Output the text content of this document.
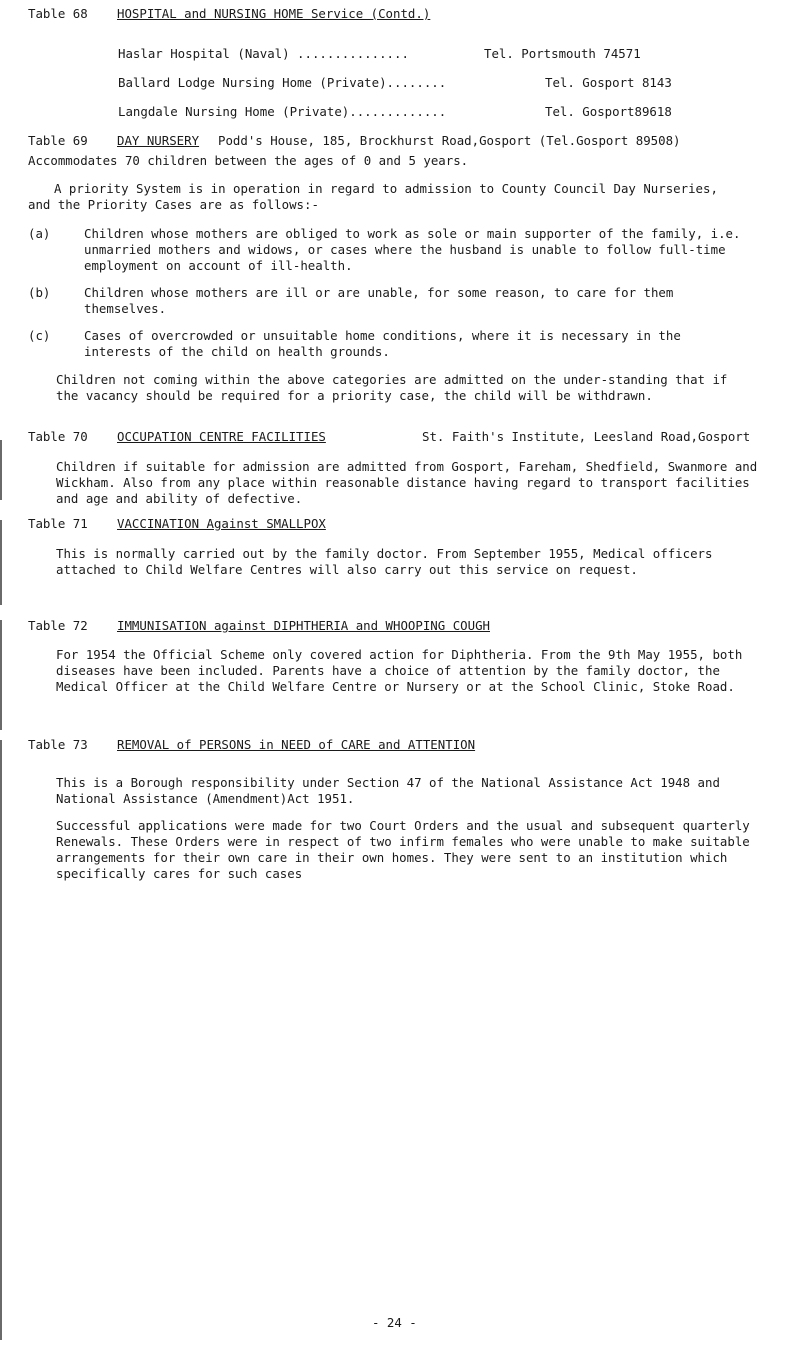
Table 68 HOSPITAL and NURSING HOME Service (Contd.)
Haslar Hospital (Naval) ...............	Tel. Portsmouth 74571
Ballard Lodge Nursing Home (Private)........	Tel. Gosport 8143
Langdale Nursing Home (Private).............	Tel. Gosport89618
Table 69 DAY NURSERY Podd's House, 185, Brockhurst Road,Gosport (Tel.Gosport 89508)
Accommodates 70 children between the ages of 0 and 5 years.
A priority System is in operation in regard to admission to County Council Day Nurseries, and the Priority Cases are as follows:-
(a)	Children whose mothers are obliged to work as sole or main supporter of the family, i.e. unmarried mothers and widows, or cases where the husband is unable to follow full-time employment on account of ill-health.
(b)	Children whose mothers are ill or are unable, for some reason, to care for them themselves.
(c)	Cases of overcrowded or unsuitable home conditions, where it is necessary in the interests of the child on health grounds.
Children not coming within the above categories are admitted on the under-standing that if the vacancy should be required for a priority case, the child will be withdrawn.
Table 70 OCCUPATION CENTRE FACILITIES	St. Faith's Institute, Leesland Road,Gosport
Children if suitable for admission are admitted from Gosport, Fareham, Shedfield, Swanmore and Wickham. Also from any place within reasonable distance having regard to transport facilities and age and ability of defective.
Table 71 VACCINATION Against SMALLPOX
This is normally carried out by the family doctor. From September 1955, Medical officers attached to Child Welfare Centres will also carry out this service on request.
Table 72 IMMUNISATION against DIPHTHERIA and WHOOPING COUGH
For 1954 the Official Scheme only covered action for Diphtheria. From the 9th May 1955, both diseases have been included. Parents have a choice of attention by the family doctor, the Medical Officer at the Child Welfare Centre or Nursery or at the School Clinic, Stoke Road.
Table 73 REMOVAL of PERSONS in NEED of CARE and ATTENTION
This is a Borough responsibility under Section 47 of the National Assistance Act 1948 and National Assistance (Amendment)Act 1951.
Successful applications were made for two Court Orders and the usual and subsequent quarterly Renewals. These Orders were in respect of two infirm females who were unable to make suitable arrangements for their own care in their own homes. They were sent to an institution which specifically cares for such cases
- 24 -
